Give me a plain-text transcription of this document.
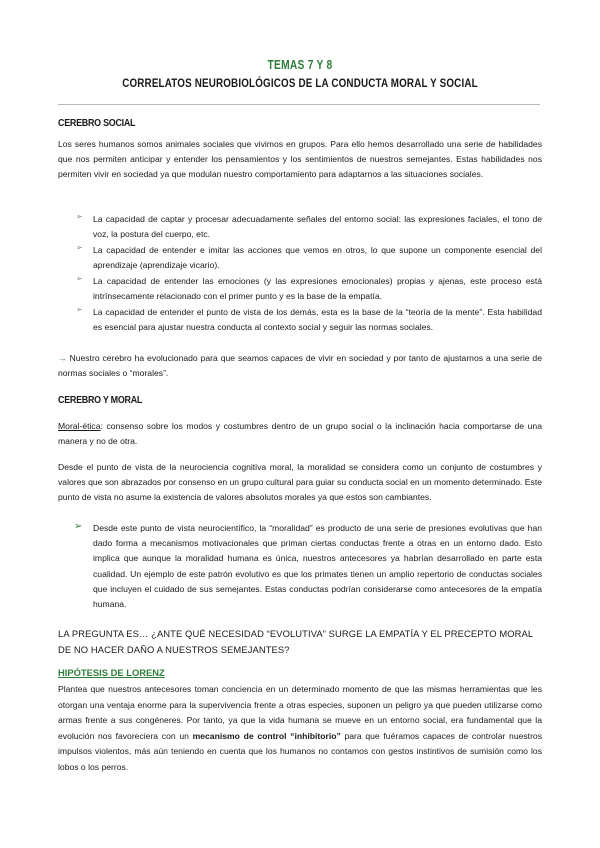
TEMAS 7 Y 8
CORRELATOS NEUROBIOLÓGICOS DE LA CONDUCTA MORAL Y SOCIAL
CEREBRO SOCIAL
Los seres humanos somos animales sociales que vivimos en grupos. Para ello hemos desarrollado una serie de habilidades que nos permiten anticipar y entender los pensamientos y los sentimientos de nuestros semejantes. Estas habilidades nos permiten vivir en sociedad ya que modulan nuestro comportamiento para adaptarnos a las situaciones sociales.
➢	La capacidad de captar y procesar adecuadamente señales del entorno social: las expresiones faciales, el tono de voz, la postura del cuerpo, etc.
➢	La capacidad de entender e imitar las acciones que vemos en otros, lo que supone un componente esencial del aprendizaje (aprendizaje vicario).
➢	La capacidad de entender las emociones (y las expresiones emocionales) propias y ajenas, este proceso está intrínsecamente relacionado con el primer punto y es la base de la empatía.
➢	La capacidad de entender el punto de vista de los demás, esta es la base de la “teoría de la mente”. Esta habilidad es esencial para ajustar nuestra conducta al contexto social y seguir las normas sociales.
→ Nuestro cerebro ha evolucionado para que seamos capaces de vivir en sociedad y por tanto de ajustarnos a una serie de normas sociales o “morales”.
CEREBRO Y MORAL
Moral-ética: consenso sobre los modos y costumbres dentro de un grupo social o la inclinación hacia comportarse de una manera y no de otra.
Desde el punto de vista de la neurociencia cognitiva moral, la moralidad se considera como un conjunto de costumbres y valores que son abrazados por consenso en un grupo cultural para guiar su conducta social en un momento determinado. Este punto de vista no asume la existencia de valores absolutos morales ya que estos son cambiantes.
➢ Desde este punto de vista neurocientífico, la “moralidad” es producto de una serie de presiones evolutivas que han dado forma a mecanismos motivacionales que priman ciertas conductas frente a otras en un entorno dado. Esto implica que aunque la moralidad humana es única, nuestros antecesores ya habrían desarrollado en parte esta cualidad. Un ejemplo de este patrón evolutivo es que los primates tienen un amplio repertorio de conductas sociales que incluyen el cuidado de sus semejantes. Estas conductas podrían considerarse como antecesores de la empatía humana.
LA PREGUNTA ES… ¿ANTE QUÉ NECESIDAD “EVOLUTIVA” SURGE LA EMPATÍA Y EL PRECEPTO MORAL DE NO HACER DAÑO A NUESTROS SEMEJANTES?
HIPÓTESIS DE LORENZ
Plantea que nuestros antecesores toman conciencia en un determinado momento de que las mismas herramientas que les otorgan una ventaja enorme para la supervivencia frente a otras especies, suponen un peligro ya que pueden utilizarse como armas frente a sus congéneres. Por tanto, ya que la vida humana se mueve en un entorno social, era fundamental que la evolución nos favoreciera con un mecanismo de control “inhibitorio” para que fuéramos capaces de controlar nuestros impulsos violentos, más aún teniendo en cuenta que los humanos no contamos con gestos instintivos de sumisión como los lobos o los perros.
